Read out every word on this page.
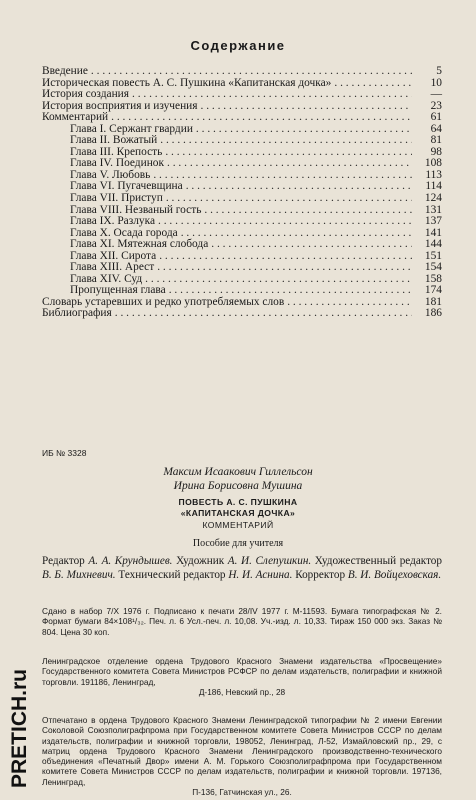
Содержание
Введение . . .	5
Историческая повесть А. С. Пушкина «Капитанская дочка» . . .	10
История создания . . .	—
История восприятия и изучения . . .	23
Комментарий . . .	61
Глава I. Сержант гвардии . . .	64
Глава II. Вожатый . . .	81
Глава III. Крепость . . .	98
Глава IV. Поединок . . .	108
Глава V. Любовь . . .	113
Глава VI. Пугачевщина . . .	114
Глава VII. Приступ . . .	124
Глава VIII. Незваный гость . . .	131
Глава IX. Разлука . . .	137
Глава X. Осада города . . .	141
Глава XI. Мятежная слобода . . .	144
Глава XII. Сирота . . .	151
Глава XIII. Арест . . .	154
Глава XIV. Суд . . .	158
Пропущенная глава . . .	174
Словарь устаревших и редко употребляемых слов . . .	181
Библиография . . .	186
ИБ № 3328
Максим Исаакович Гиллельсон
Ирина Борисовна Мушина
ПОВЕСТЬ А. С. ПУШКИНА
«КАПИТАНСКАЯ ДОЧКА»
КОММЕНТАРИЙ
Пособие для учителя
Редактор А. А. Крундышев. Художник А. И. Слепушкин. Художественный редактор В. Б. Михневич. Технический редактор Н. И. Аснина. Корректор В. И. Войцеховская.
Сдано в набор 7/X 1976 г. Подписано к печати 28/IV 1977 г. М-11593. Бумага типографская № 2. Формат бумаги 84×108¹/₃₂. Печ. л. 6 Усл.-печ. л. 10,08. Уч.-изд. л. 10,33. Тираж 150 000 экз. Заказ № 804. Цена 30 коп.
Ленинградское отделение ордена Трудового Красного Знамени издательства «Просвещение» Государственного комитета Совета Министров РСФСР по делам издательств, полиграфии и книжной торговли. 191186, Ленинград,
Д-186, Невский пр., 28
Отпечатано в ордена Трудового Красного Знамени Ленинградской типографии № 2 имени Евгении Соколовой Союзполиграфпрома при Государственном комитете Совета Министров СССР по делам издательств, полиграфии и книжной торговли, 198052, Ленинград, Л-52, Измайловский пр., 29, с матриц ордена Трудового Красного Знамени Ленинградского производственно-технического объединения «Печатный Двор» имени А. М. Горького Союзполиграфпрома при Государственном комитете Совета Министров СССР по делам издательств, полиграфии и книжной торговли. 197136, Ленинград,
П-136, Гатчинская ул., 26.
PRETICH.ru
